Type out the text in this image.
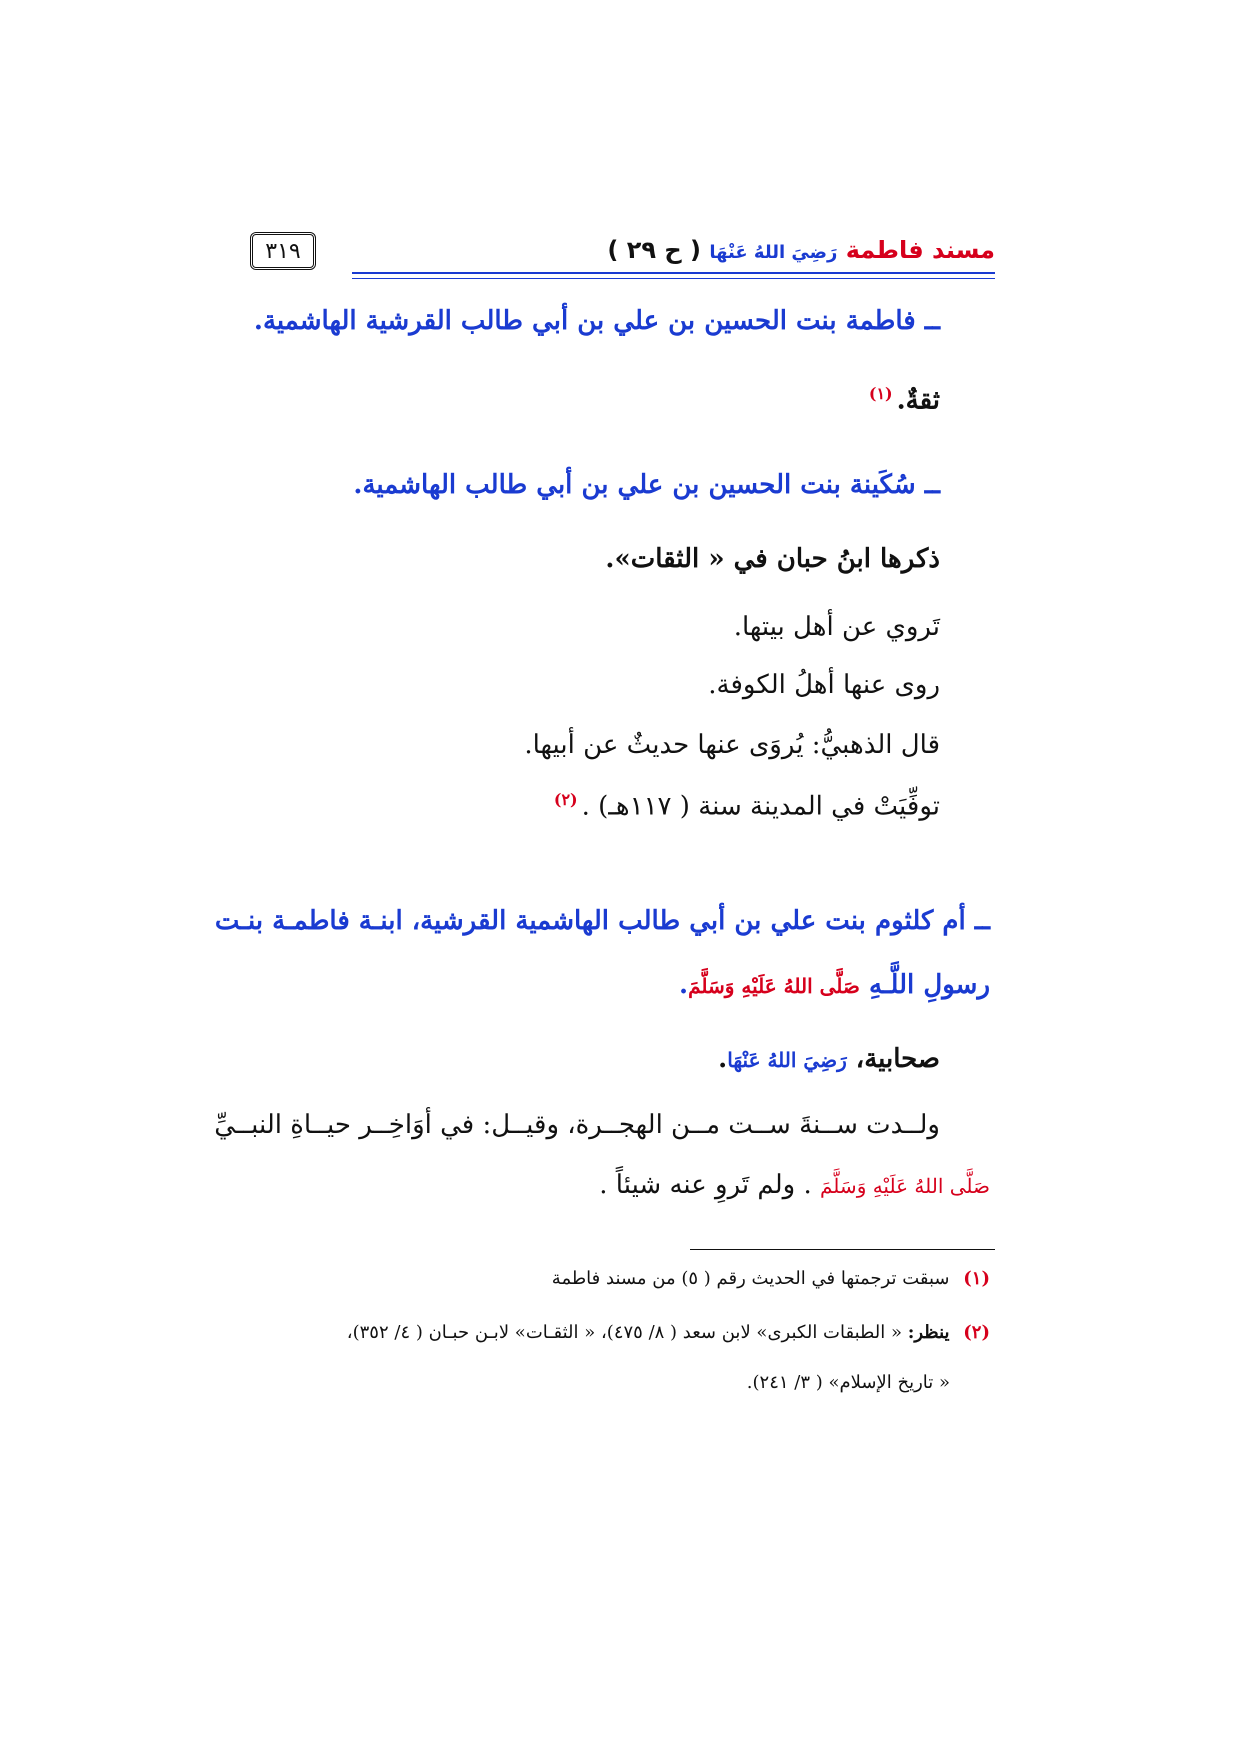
مسند فاطمة رَضِيَ اللهُ عَنْهَا ( ح ٢٩ )
٣١٩
ــ فاطمة بنت الحسين بن علي بن أبي طالب القرشية الهاشمية.
ثقةٌ.$^{(١)}$
ــ سُكَينة بنت الحسين بن علي بن أبي طالب الهاشمية.
ذكرها ابنُ حبان في « الثقات».
تَروي عن أهل بيتها.
روى عنها أهلُ الكوفة.
قال الذهبيُّ: يُروَى عنها حديثٌ عن أبيها.
توفِّيَتْ في المدينة سنة ( ١١٧هـ) .$^{(٢)}$
ــ أم كلثوم بنت علي بن أبي طالب الهاشمية القرشية، ابنـة فاطمـة بنـت
رسولِ اللَّـهِ صَلَّى اللهُ عَلَيْهِ وَسَلَّمَ.
صحابية، رَضِيَ اللهُ عَنْهَا.
ولــدت ســنةَ ســت مــن الهجــرة، وقيــل: في أوَاخِــر حيــاةِ النبــيِّ
صَلَّى اللهُ عَلَيْهِ وَسَلَّمَ . ولم تَروِ عنه شيئاً .
(١) سبقت ترجمتها في الحديث رقم ( ٥) من مسند فاطمة
(٢) ينظر: « الطبقات الكبرى» لابن سعد ( ٨/ ٤٧٥)، « الثقـات» لابـن حبـان ( ٤/ ٣٥٢)،
« تاريخ الإسلام» ( ٣/ ٢٤١).
